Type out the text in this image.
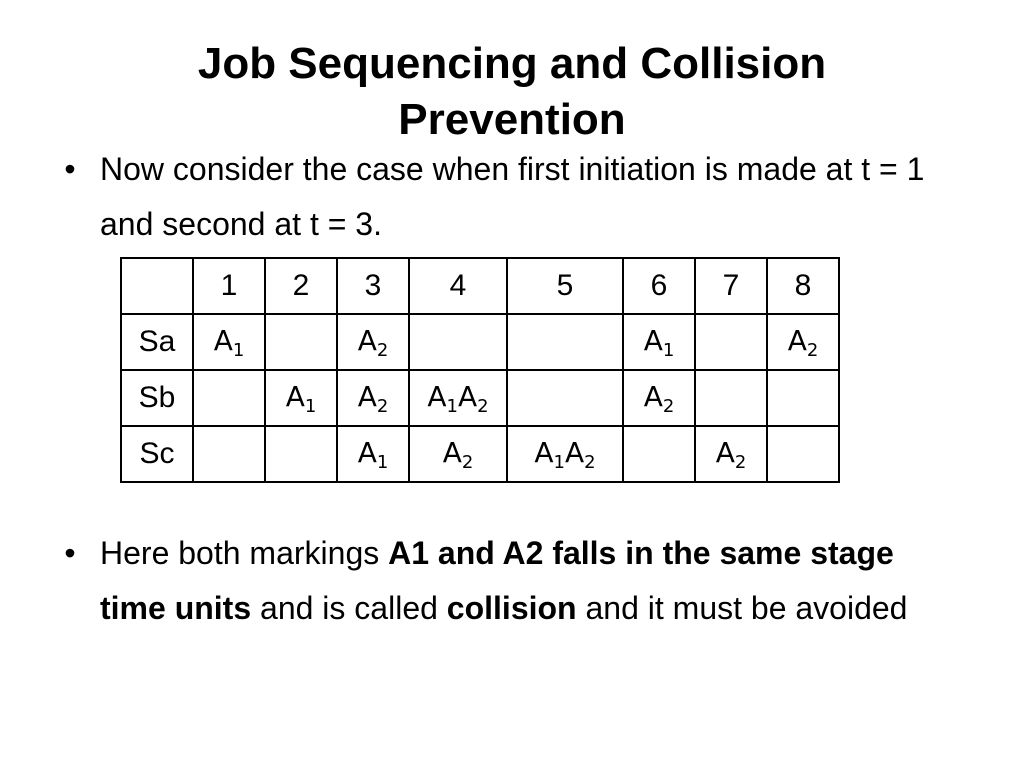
Job Sequencing and Collision
Prevention
• Now consider the case when first initiation is made at t = 1 and second at t = 3.
	1	2	3	4	5	6	7	8
Sa	$A_1$		$A_2$			$A_1$		$A_2$
Sb		$A_1$	$A_2$	$A_1A_2$		$A_2$		
Sc			$A_1$	$A_2$	$A_1A_2$		$A_2$	
• Here both markings A1 and A2 falls in the same stage time units and is called collision and it must be avoided
